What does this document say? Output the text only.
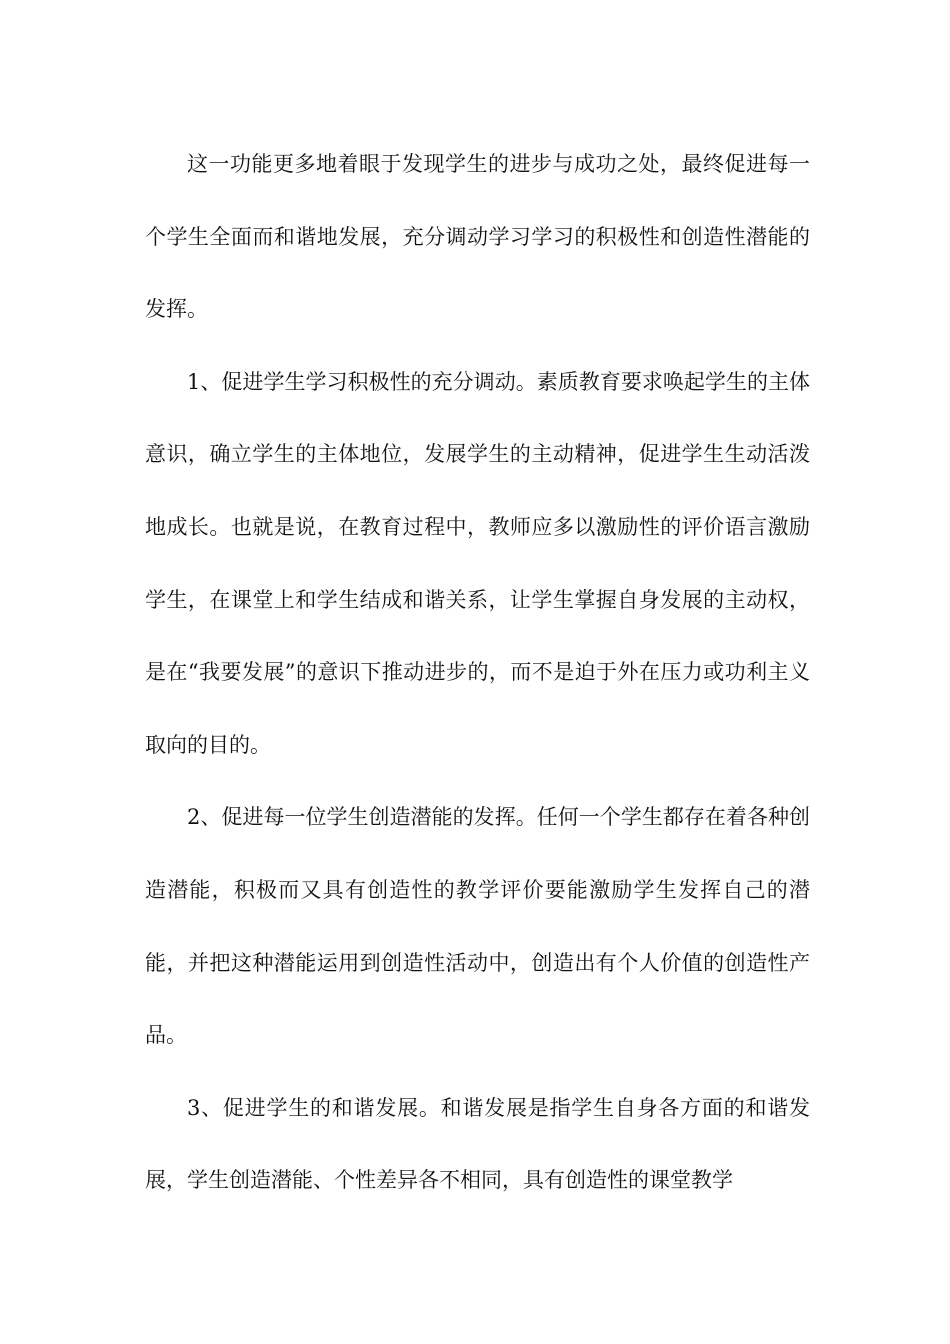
这一功能更多地着眼于发现学生的进步与成功之处，最终促进每一个学生全面而和谐地发展，充分调动学习学习的积极性和创造性潜能的发挥。

1、促进学生学习积极性的充分调动。素质教育要求唤起学生的主体意识，确立学生的主体地位，发展学生的主动精神，促进学生生动活泼地成长。也就是说，在教育过程中，教师应多以激励性的评价语言激励学生，在课堂上和学生结成和谐关系，让学生掌握自身发展的主动权，是在“我要发展”的意识下推动进步的，而不是迫于外在压力或功利主义取向的目的。

2、促进每一位学生创造潜能的发挥。任何一个学生都存在着各种创造潜能，积极而又具有创造性的教学评价要能激励学生发挥自己的潜能，并把这种潜能运用到创造性活动中，创造出有个人价值的创造性产品。

3、促进学生的和谐发展。和谐发展是指学生自身各方面的和谐发展，学生创造潜能、个性差异各不相同，具有创造性的课堂教学
